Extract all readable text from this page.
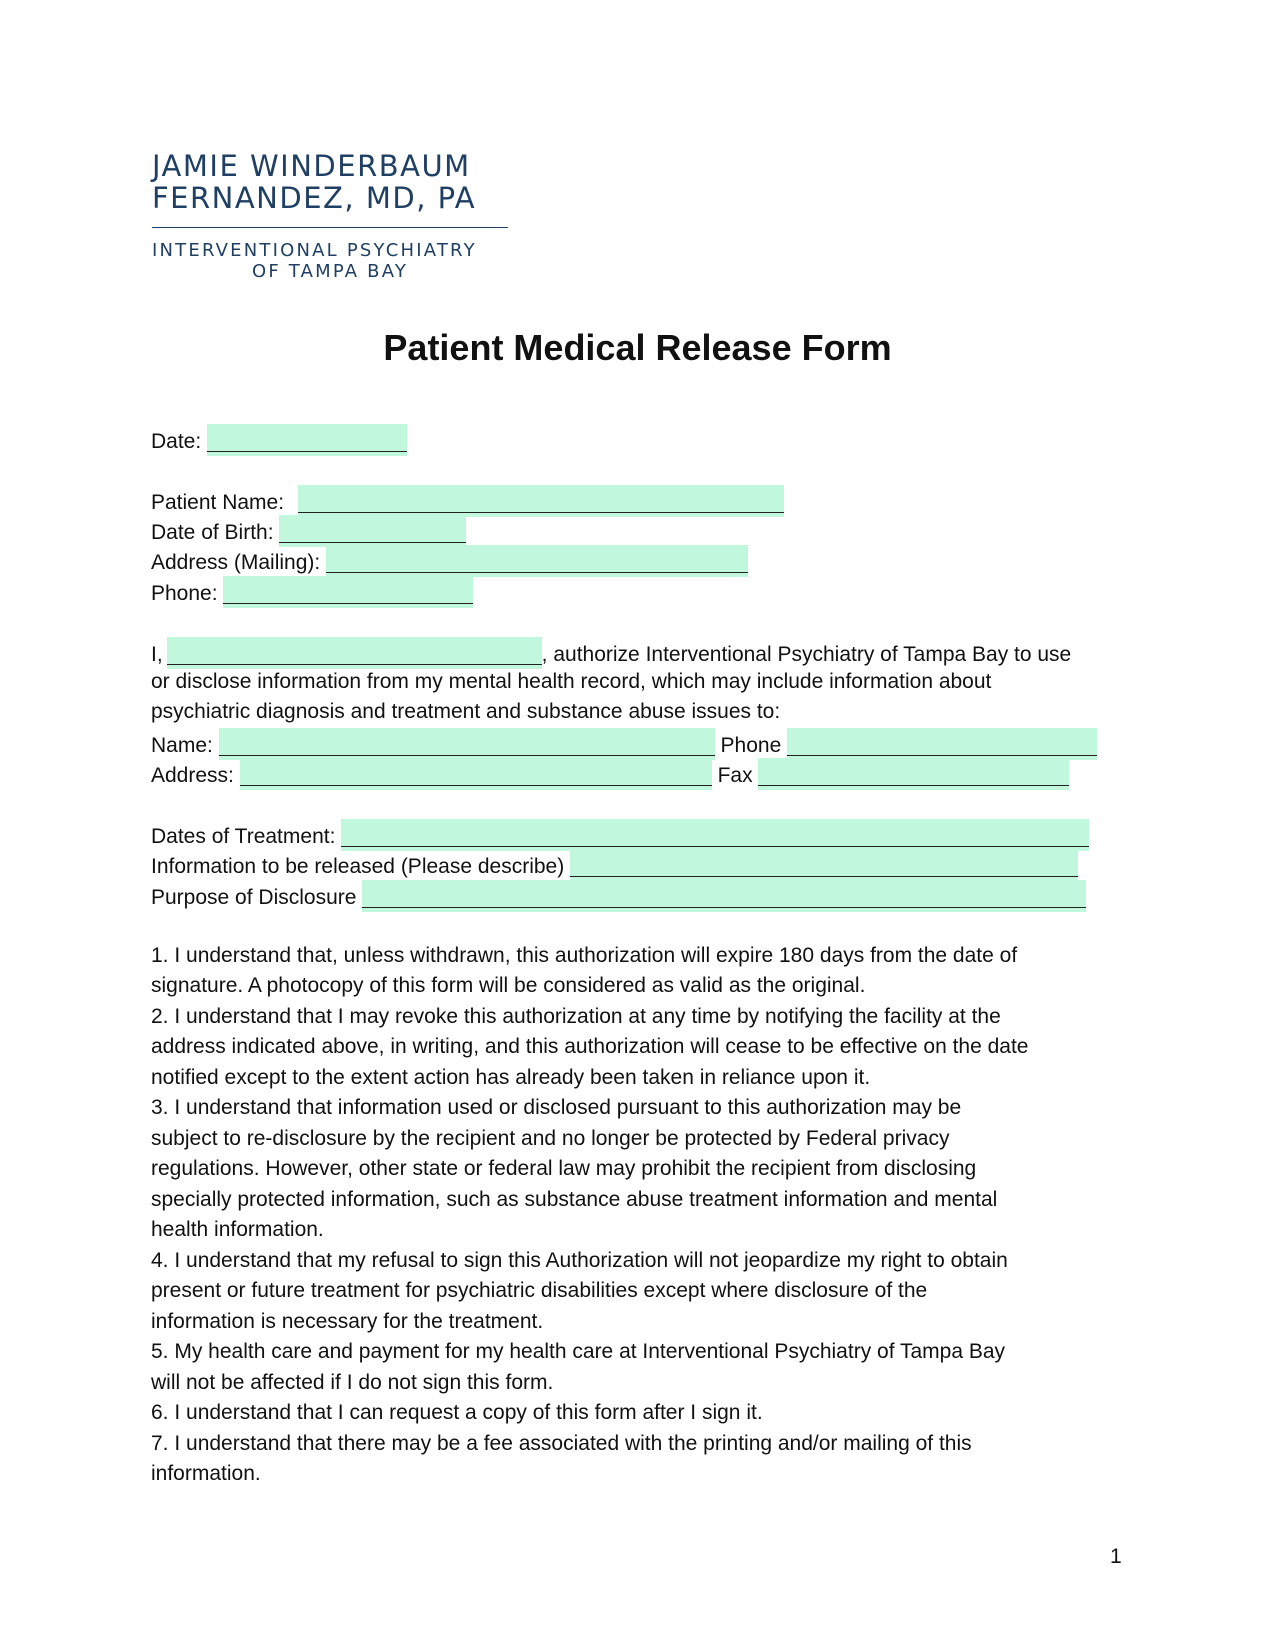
JAMIE WINDERBAUM
FERNANDEZ, MD, PA
INTERVENTIONAL PSYCHIATRY
OF TAMPA BAY
Patient Medical Release Form
Date:
Patient Name:
Date of Birth:
Address (Mailing):
Phone:
I,	, authorize Interventional Psychiatry of Tampa Bay to use
or disclose information from my mental health record, which may include information about
psychiatric diagnosis and treatment and substance abuse issues to:
Name:	Phone
Address:	Fax
Dates of Treatment:
Information to be released (Please describe)
Purpose of Disclosure
1. I understand that, unless withdrawn, this authorization will expire 180 days from the date of
signature. A photocopy of this form will be considered as valid as the original.
2. I understand that I may revoke this authorization at any time by notifying the facility at the
address indicated above, in writing, and this authorization will cease to be effective on the date
notified except to the extent action has already been taken in reliance upon it.
3. I understand that information used or disclosed pursuant to this authorization may be
subject to re-disclosure by the recipient and no longer be protected by Federal privacy
regulations. However, other state or federal law may prohibit the recipient from disclosing
specially protected information, such as substance abuse treatment information and mental
health information.
4. I understand that my refusal to sign this Authorization will not jeopardize my right to obtain
present or future treatment for psychiatric disabilities except where disclosure of the
information is necessary for the treatment.
5. My health care and payment for my health care at Interventional Psychiatry of Tampa Bay
will not be affected if I do not sign this form.
6. I understand that I can request a copy of this form after I sign it.
7. I understand that there may be a fee associated with the printing and/or mailing of this
information.
1
